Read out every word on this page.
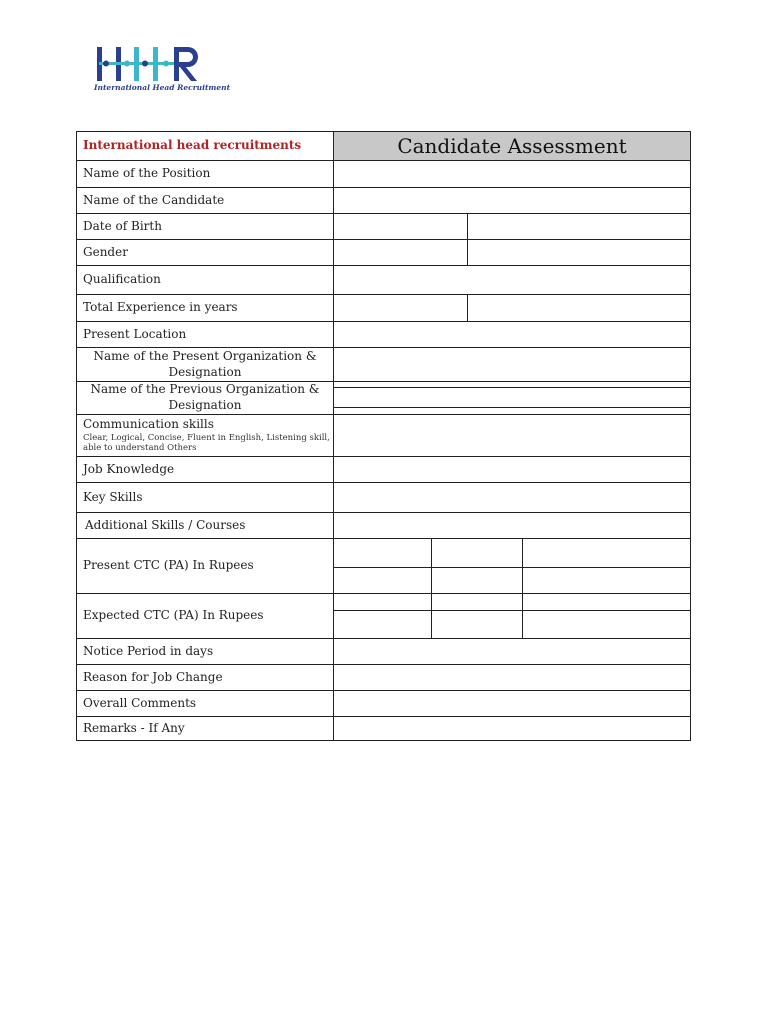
International Head Recruitment
International head recruitments	Candidate Assessment
Name of the Position
Name of the Candidate
Date of Birth
Gender
Qualification
Total Experience in years
Present Location
Name of the Present Organization & Designation
Name of the Previous Organization & Designation
Communication skills
Clear, Logical, Concise, Fluent in English, Listening skill, able to understand Others
Job Knowledge
Key Skills
Additional Skills / Courses
Present CTC (PA) In Rupees
Expected CTC (PA) In Rupees
Notice Period in days
Reason for Job Change
Overall Comments
Remarks - If Any
